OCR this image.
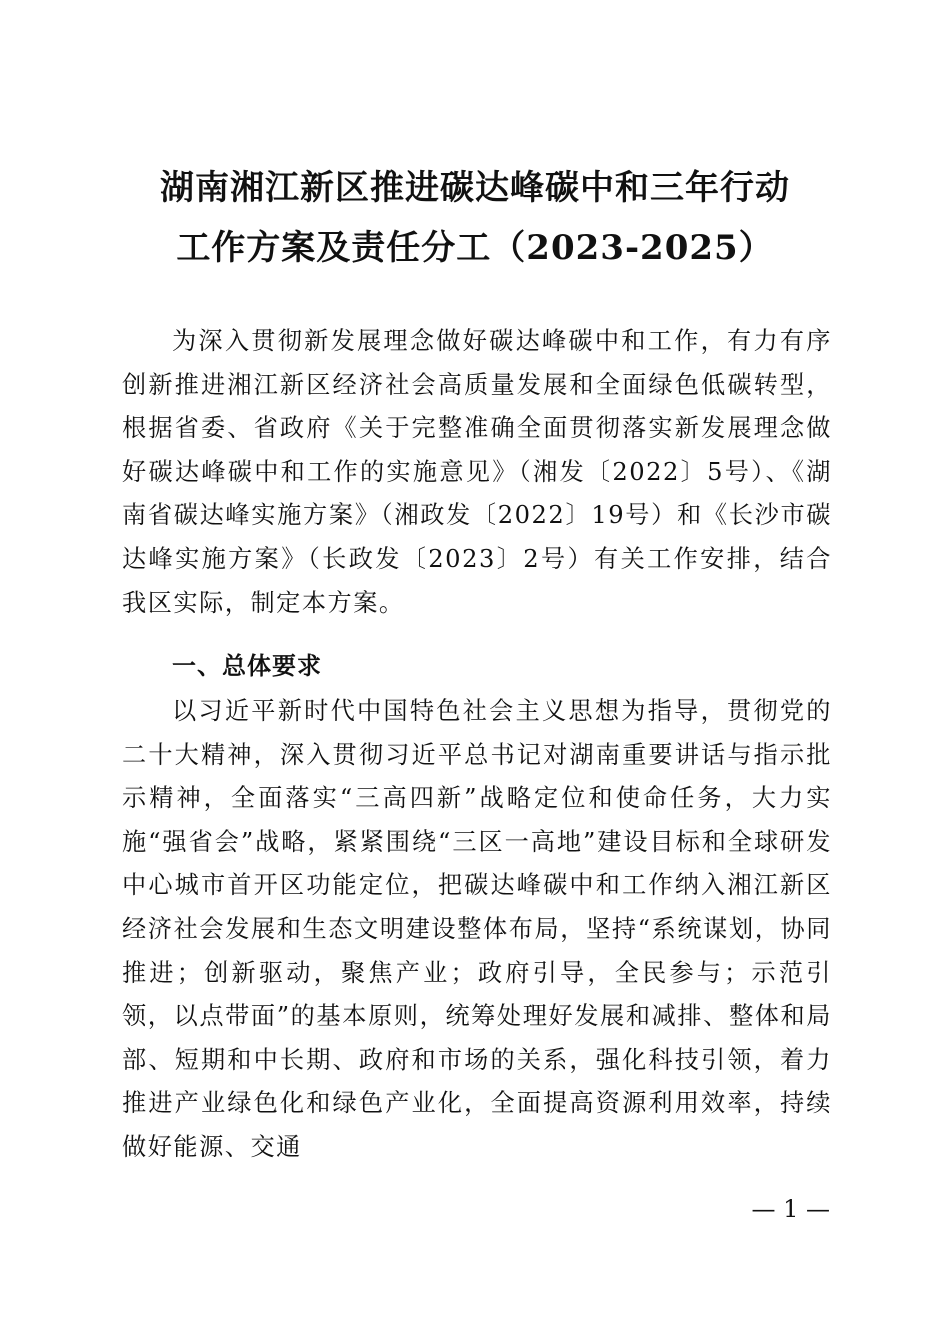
湖南湘江新区推进碳达峰碳中和三年行动
工作方案及责任分工（2023-2025）
为深入贯彻新发展理念做好碳达峰碳中和工作，有力有序创新推进湘江新区经济社会高质量发展和全面绿色低碳转型，根据省委、省政府《关于完整准确全面贯彻落实新发展理念做好碳达峰碳中和工作的实施意见》（湘发〔2022〕5号）、《湖南省碳达峰实施方案》（湘政发〔2022〕19号）和《长沙市碳达峰实施方案》（长政发〔2023〕2号）有关工作安排，结合我区实际，制定本方案。
一、总体要求
以习近平新时代中国特色社会主义思想为指导，贯彻党的二十大精神，深入贯彻习近平总书记对湖南重要讲话与指示批示精神，全面落实“三高四新”战略定位和使命任务，大力实施“强省会”战略，紧紧围绕“三区一高地”建设目标和全球研发中心城市首开区功能定位，把碳达峰碳中和工作纳入湘江新区经济社会发展和生态文明建设整体布局，坚持“系统谋划，协同推进；创新驱动，聚焦产业；政府引导，全民参与；示范引领，以点带面”的基本原则，统筹处理好发展和减排、整体和局部、短期和中长期、政府和市场的关系，强化科技引领，着力推进产业绿色化和绿色产业化，全面提高资源利用效率，持续做好能源、交通
— 1 —
